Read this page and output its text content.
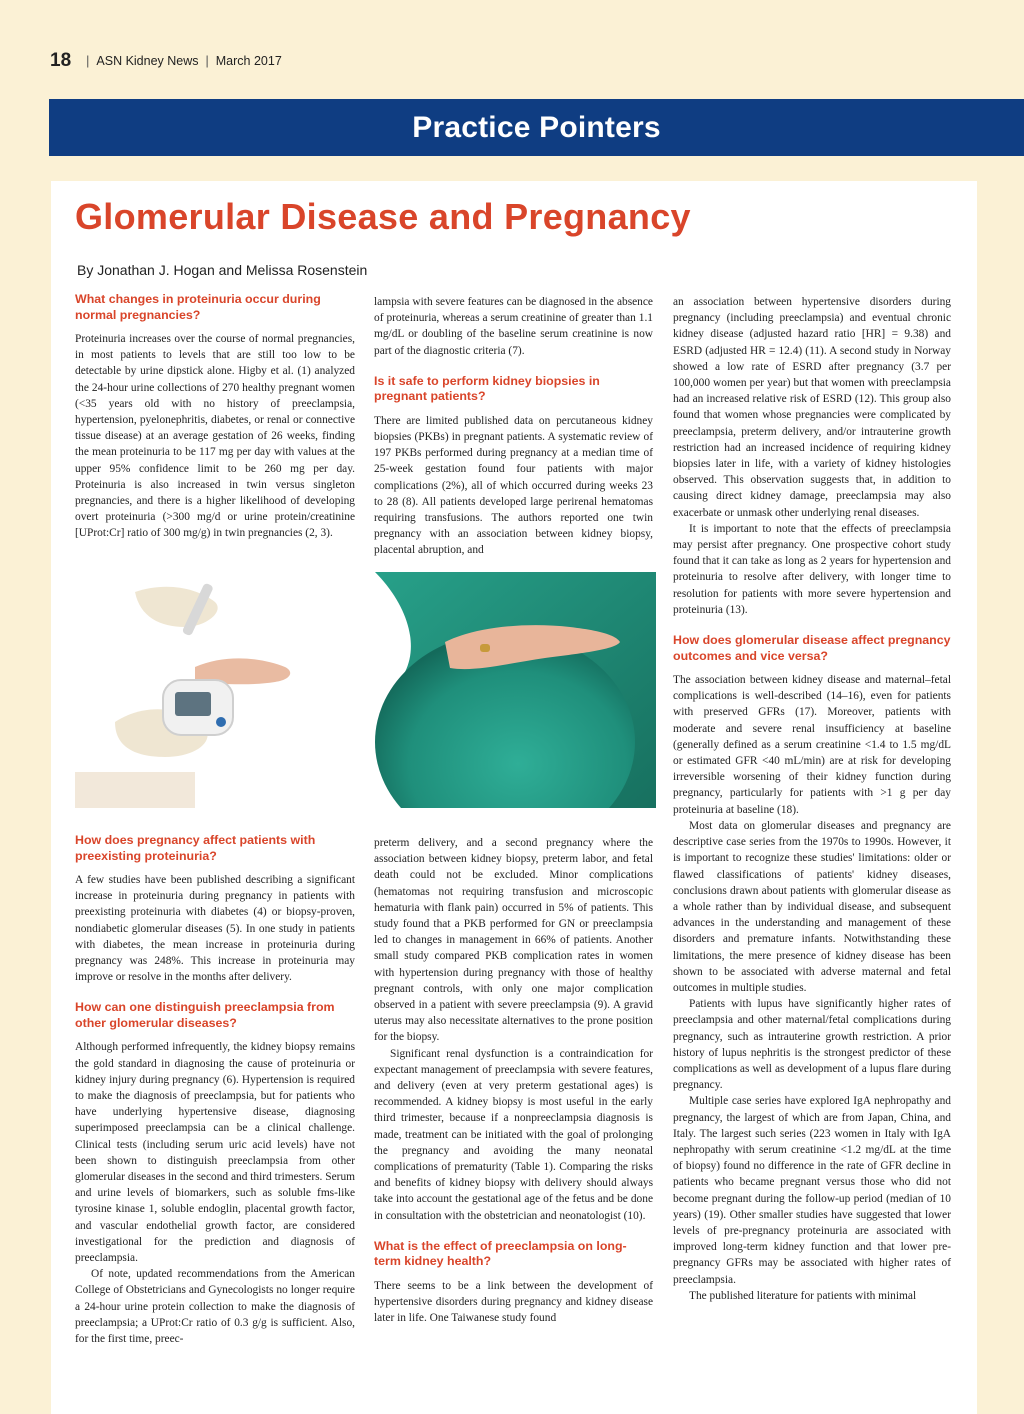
18 | ASN Kidney News | March 2017
Practice Pointers
Glomerular Disease and Pregnancy
By Jonathan J. Hogan and Melissa Rosenstein
What changes in proteinuria occur during normal pregnancies?

Proteinuria increases over the course of normal pregnancies, in most patients to levels that are still too low to be detectable by urine dipstick alone. Higby et al. (1) analyzed the 24-hour urine collections of 270 healthy pregnant women (<35 years old with no history of preeclampsia, hypertension, pyelonephritis, diabetes, or renal or connective tissue disease) at an average gestation of 26 weeks, finding the mean proteinuria to be 117 mg per day with values at the upper 95% confidence limit to be 260 mg per day. Proteinuria is also increased in twin versus singleton pregnancies, and there is a higher likelihood of developing overt proteinuria (>300 mg/d or urine protein/creatinine [UProt:Cr] ratio of 300 mg/g) in twin pregnancies (2, 3).

lampsia with severe features can be diagnosed in the absence of proteinuria, whereas a serum creatinine of greater than 1.1 mg/dL or doubling of the baseline serum creatinine is now part of the diagnostic criteria (7).

Is it safe to perform kidney biopsies in pregnant patients?

There are limited published data on percutaneous kidney biopsies (PKBs) in pregnant patients. A systematic review of 197 PKBs performed during pregnancy at a median time of 25-week gestation found four patients with major complications (2%), all of which occurred during weeks 23 to 28 (8). All patients developed large perirenal hematomas requiring transfusions. The authors reported one twin pregnancy with an association between kidney biopsy, placental abruption, and

How does pregnancy affect patients with preexisting proteinuria?

A few studies have been published describing a significant increase in proteinuria during pregnancy in patients with preexisting proteinuria with diabetes (4) or biopsy-proven, nondiabetic glomerular diseases (5). In one study in patients with diabetes, the mean increase in proteinuria during pregnancy was 248%. This increase in proteinuria may improve or resolve in the months after delivery.

How can one distinguish preeclampsia from other glomerular diseases?

Although performed infrequently, the kidney biopsy remains the gold standard in diagnosing the cause of proteinuria or kidney injury during pregnancy (6). Hypertension is required to make the diagnosis of preeclampsia, but for patients who have underlying hypertensive disease, diagnosing superimposed preeclampsia can be a clinical challenge. Clinical tests (including serum uric acid levels) have not been shown to distinguish preeclampsia from other glomerular diseases in the second and third trimesters. Serum and urine levels of biomarkers, such as soluble fms-like tyrosine kinase 1, soluble endoglin, placental growth factor, and vascular endothelial growth factor, are considered investigational for the prediction and diagnosis of preeclampsia.

Of note, updated recommendations from the American College of Obstetricians and Gynecologists no longer require a 24-hour urine protein collection to make the diagnosis of preeclampsia; a UProt:Cr ratio of 0.3 g/g is sufficient. Also, for the first time, preec-

preterm delivery, and a second pregnancy where the association between kidney biopsy, preterm labor, and fetal death could not be excluded. Minor complications (hematomas not requiring transfusion and microscopic hematuria with flank pain) occurred in 5% of patients. This study found that a PKB performed for GN or preeclampsia led to changes in management in 66% of patients. Another small study compared PKB complication rates in women with hypertension during pregnancy with those of healthy pregnant controls, with only one major complication observed in a patient with severe preeclampsia (9). A gravid uterus may also necessitate alternatives to the prone position for the biopsy.

Significant renal dysfunction is a contraindication for expectant management of preeclampsia with severe features, and delivery (even at very preterm gestational ages) is recommended. A kidney biopsy is most useful in the early third trimester, because if a nonpreeclampsia diagnosis is made, treatment can be initiated with the goal of prolonging the pregnancy and avoiding the many neonatal complications of prematurity (Table 1). Comparing the risks and benefits of kidney biopsy with delivery should always take into account the gestational age of the fetus and be done in consultation with the obstetrician and neonatologist (10).

What is the effect of preeclampsia on long-term kidney health?

There seems to be a link between the development of hypertensive disorders during pregnancy and kidney disease later in life. One Taiwanese study found

an association between hypertensive disorders during pregnancy (including preeclampsia) and eventual chronic kidney disease (adjusted hazard ratio [HR] = 9.38) and ESRD (adjusted HR = 12.4) (11). A second study in Norway showed a low rate of ESRD after pregnancy (3.7 per 100,000 women per year) but that women with preeclampsia had an increased relative risk of ESRD (12). This group also found that women whose pregnancies were complicated by preeclampsia, preterm delivery, and/or intrauterine growth restriction had an increased incidence of requiring kidney biopsies later in life, with a variety of kidney histologies observed. This observation suggests that, in addition to causing direct kidney damage, preeclampsia may also exacerbate or unmask other underlying renal diseases.

It is important to note that the effects of preeclampsia may persist after pregnancy. One prospective cohort study found that it can take as long as 2 years for hypertension and proteinuria to resolve after delivery, with longer time to resolution for patients with more severe hypertension and proteinuria (13).

How does glomerular disease affect pregnancy outcomes and vice versa?

The association between kidney disease and maternal–fetal complications is well-described (14–16), even for patients with preserved GFRs (17). Moreover, patients with moderate and severe renal insufficiency at baseline (generally defined as a serum creatinine <1.4 to 1.5 mg/dL or estimated GFR <40 mL/min) are at risk for developing irreversible worsening of their kidney function during pregnancy, particularly for patients with >1 g per day proteinuria at baseline (18).

Most data on glomerular diseases and pregnancy are descriptive case series from the 1970s to 1990s. However, it is important to recognize these studies' limitations: older or flawed classifications of patients' kidney diseases, conclusions drawn about patients with glomerular disease as a whole rather than by individual disease, and subsequent advances in the understanding and management of these disorders and premature infants. Notwithstanding these limitations, the mere presence of kidney disease has been shown to be associated with adverse maternal and fetal outcomes in multiple studies.

Patients with lupus have significantly higher rates of preeclampsia and other maternal/fetal complications during pregnancy, such as intrauterine growth restriction. A prior history of lupus nephritis is the strongest predictor of these complications as well as development of a lupus flare during pregnancy.

Multiple case series have explored IgA nephropathy and pregnancy, the largest of which are from Japan, China, and Italy. The largest such series (223 women in Italy with IgA nephropathy with serum creatinine <1.2 mg/dL at the time of biopsy) found no difference in the rate of GFR decline in patients who became pregnant versus those who did not become pregnant during the follow-up period (median of 10 years) (19). Other smaller studies have suggested that lower levels of pre-pregnancy proteinuria are associated with improved long-term kidney function and that lower pre-pregnancy GFRs may be associated with higher rates of preeclampsia.

The published literature for patients with minimal
